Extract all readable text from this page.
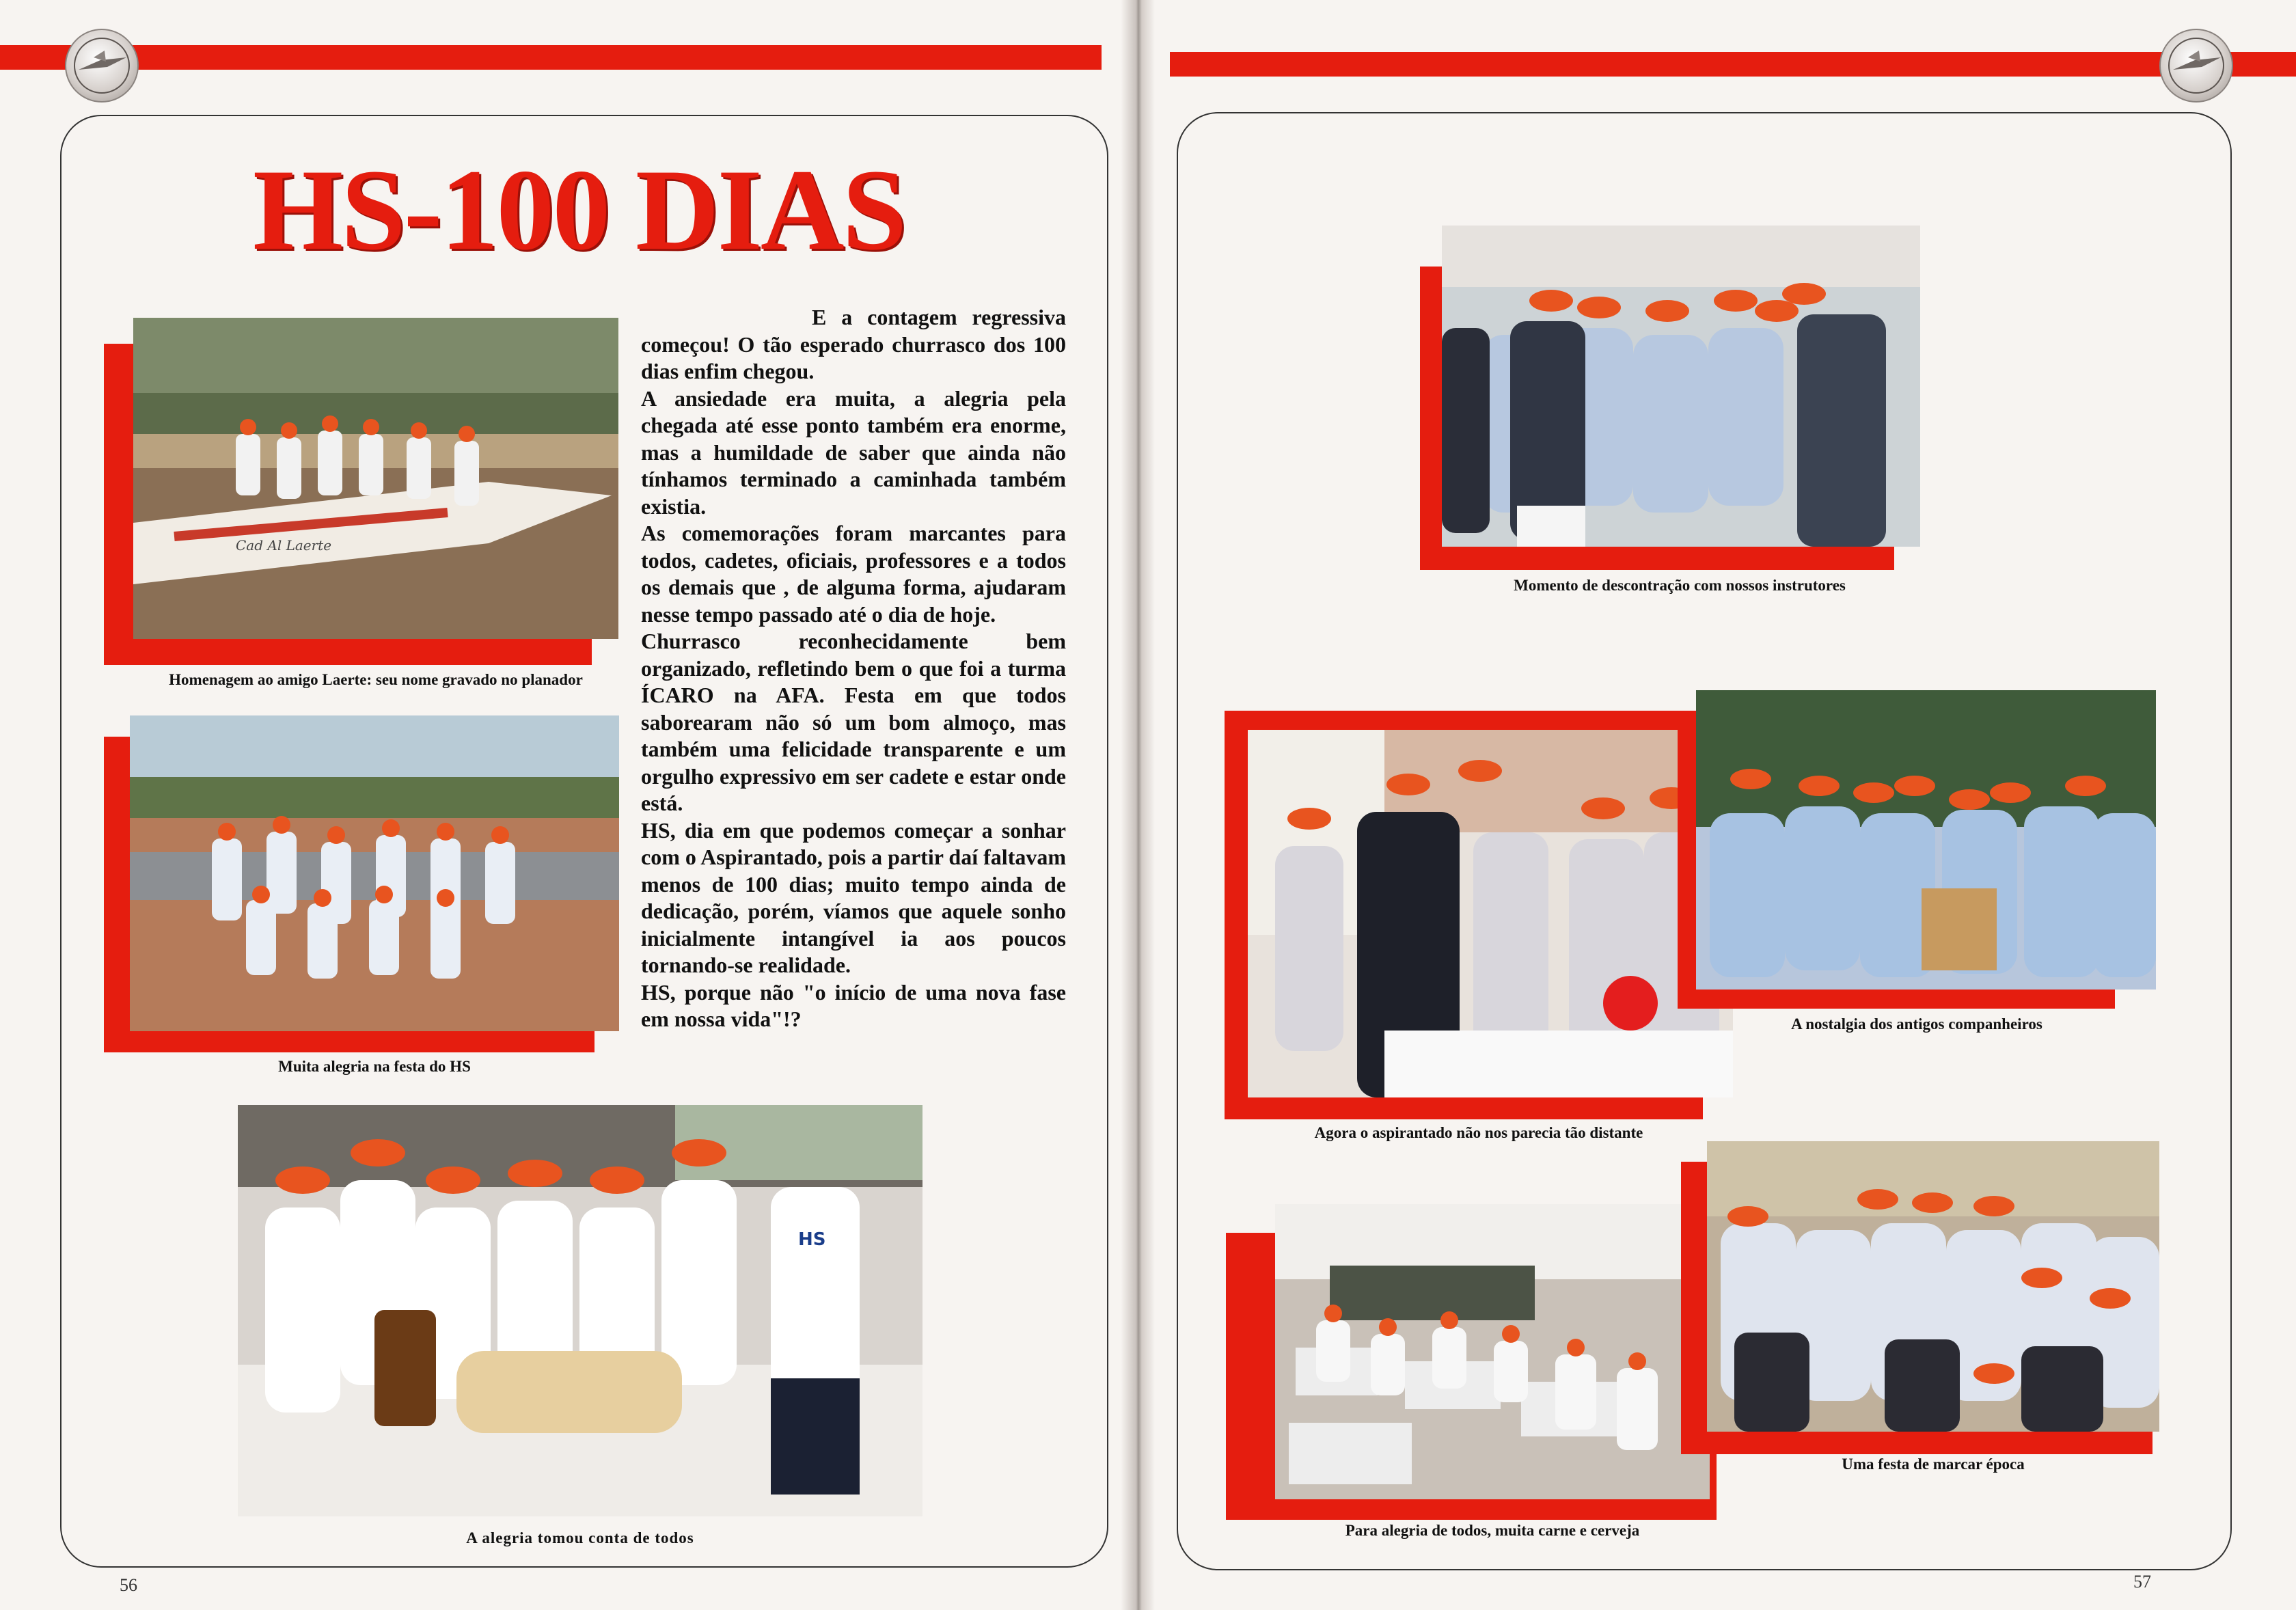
HS-100 DIAS

E a contagem regressiva começou! O tão esperado churrasco dos 100 dias enfim chegou.

A ansiedade era muita, a alegria pela chegada até esse ponto também era enorme, mas a humildade de saber que ainda não tínhamos terminado a caminhada também existia.

As comemorações foram marcantes para todos, cadetes, oficiais, professores e a todos os demais que , de alguma forma, ajudaram nesse tempo passado até o dia de hoje.

Churrasco reconhecidamente bem organizado, refletindo bem o que foi a turma ÍCARO na AFA. Festa em que todos saborearam não só um bom almoço, mas também uma felicidade transparente e um orgulho expressivo em ser cadete e estar onde está.

HS, dia em que podemos começar a sonhar com o Aspirantado, pois a partir daí faltavam menos de 100 dias; muito tempo ainda de dedicação, porém, víamos que aquele sonho inicialmente intangível ia aos poucos tornando-se realidade.

HS, porque não "o início de uma nova fase em nossa vida"!?

Cad Al Laerte

Homenagem ao amigo Laerte: seu nome gravado no planador

Muita alegria na festa do HS

HS

A alegria tomou conta de todos

56

Momento de descontração com nossos instrutores

Agora o aspirantado não nos parecia tão distante

A nostalgia dos antigos companheiros

Para alegria de todos, muita carne e cerveja

Uma festa de marcar época

57
